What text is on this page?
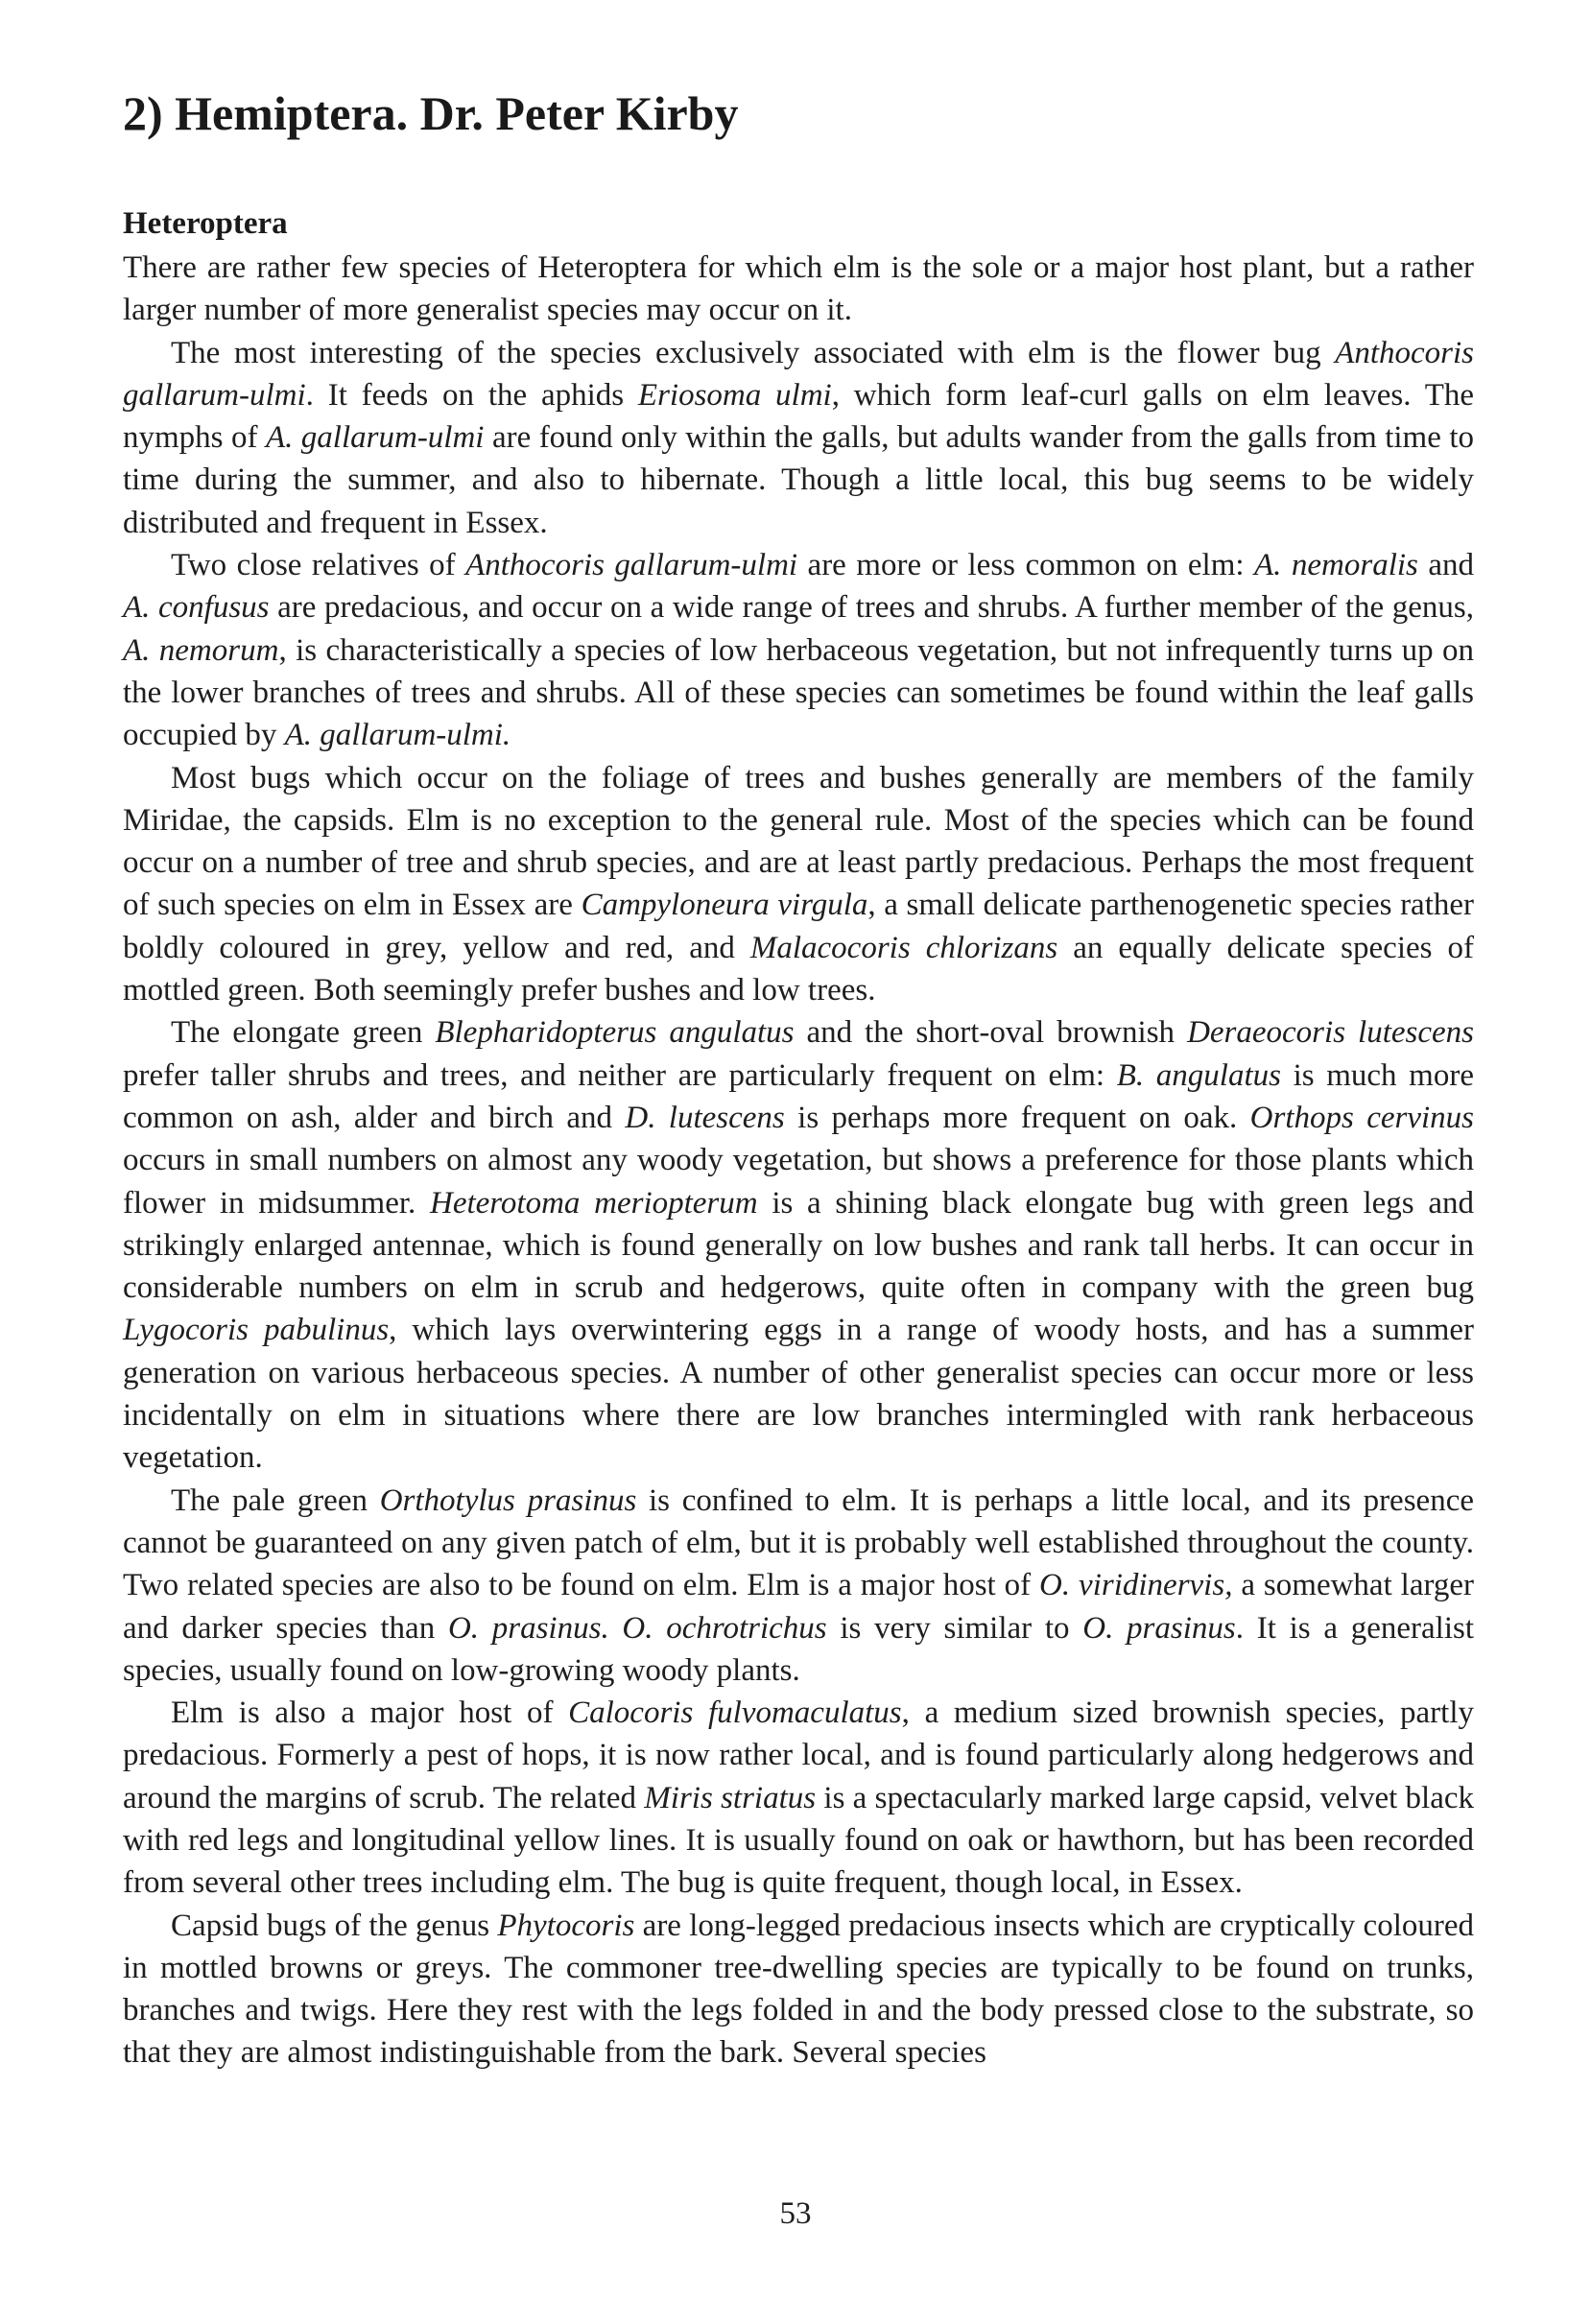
2) Hemiptera. Dr. Peter Kirby
Heteroptera

There are rather few species of Heteroptera for which elm is the sole or a major host plant, but a rather larger number of more generalist species may occur on it.

The most interesting of the species exclusively associated with elm is the flower bug Anthocoris gallarum-ulmi. It feeds on the aphids Eriosoma ulmi, which form leaf-curl galls on elm leaves. The nymphs of A. gallarum-ulmi are found only within the galls, but adults wander from the galls from time to time during the summer, and also to hibernate. Though a little local, this bug seems to be widely distributed and frequent in Essex.

Two close relatives of Anthocoris gallarum-ulmi are more or less common on elm: A. nemoralis and A. confusus are predacious, and occur on a wide range of trees and shrubs. A further member of the genus, A. nemorum, is characteristically a species of low herbaceous vegetation, but not infrequently turns up on the lower branches of trees and shrubs. All of these species can sometimes be found within the leaf galls occupied by A. gallarum-ulmi.

Most bugs which occur on the foliage of trees and bushes generally are members of the family Miridae, the capsids. Elm is no exception to the general rule. Most of the species which can be found occur on a number of tree and shrub species, and are at least partly predacious. Perhaps the most frequent of such species on elm in Essex are Campyloneura virgula, a small delicate parthenogenetic species rather boldly coloured in grey, yellow and red, and Malacocoris chlorizans an equally delicate species of mottled green. Both seemingly prefer bushes and low trees.

The elongate green Blepharidopterus angulatus and the short-oval brownish Deraeocoris lutescens prefer taller shrubs and trees, and neither are particularly frequent on elm: B. angulatus is much more common on ash, alder and birch and D. lutescens is perhaps more frequent on oak. Orthops cervinus occurs in small numbers on almost any woody vegetation, but shows a preference for those plants which flower in midsummer. Heterotoma meriopterum is a shining black elongate bug with green legs and strikingly enlarged antennae, which is found generally on low bushes and rank tall herbs. It can occur in considerable numbers on elm in scrub and hedgerows, quite often in company with the green bug Lygocoris pabulinus, which lays overwintering eggs in a range of woody hosts, and has a summer generation on various herbaceous species. A number of other generalist species can occur more or less incidentally on elm in situations where there are low branches intermingled with rank herbaceous vegetation.

The pale green Orthotylus prasinus is confined to elm. It is perhaps a little local, and its presence cannot be guaranteed on any given patch of elm, but it is probably well established throughout the county. Two related species are also to be found on elm. Elm is a major host of O. viridinervis, a somewhat larger and darker species than O. prasinus. O. ochrotrichus is very similar to O. prasinus. It is a generalist species, usually found on low-growing woody plants.

Elm is also a major host of Calocoris fulvomaculatus, a medium sized brownish species, partly predacious. Formerly a pest of hops, it is now rather local, and is found particularly along hedgerows and around the margins of scrub. The related Miris striatus is a spectacularly marked large capsid, velvet black with red legs and longitudinal yellow lines. It is usually found on oak or hawthorn, but has been recorded from several other trees including elm. The bug is quite frequent, though local, in Essex.

Capsid bugs of the genus Phytocoris are long-legged predacious insects which are cryptically coloured in mottled browns or greys. The commoner tree-dwelling species are typically to be found on trunks, branches and twigs. Here they rest with the legs folded in and the body pressed close to the substrate, so that they are almost indistinguishable from the bark. Several species

53
